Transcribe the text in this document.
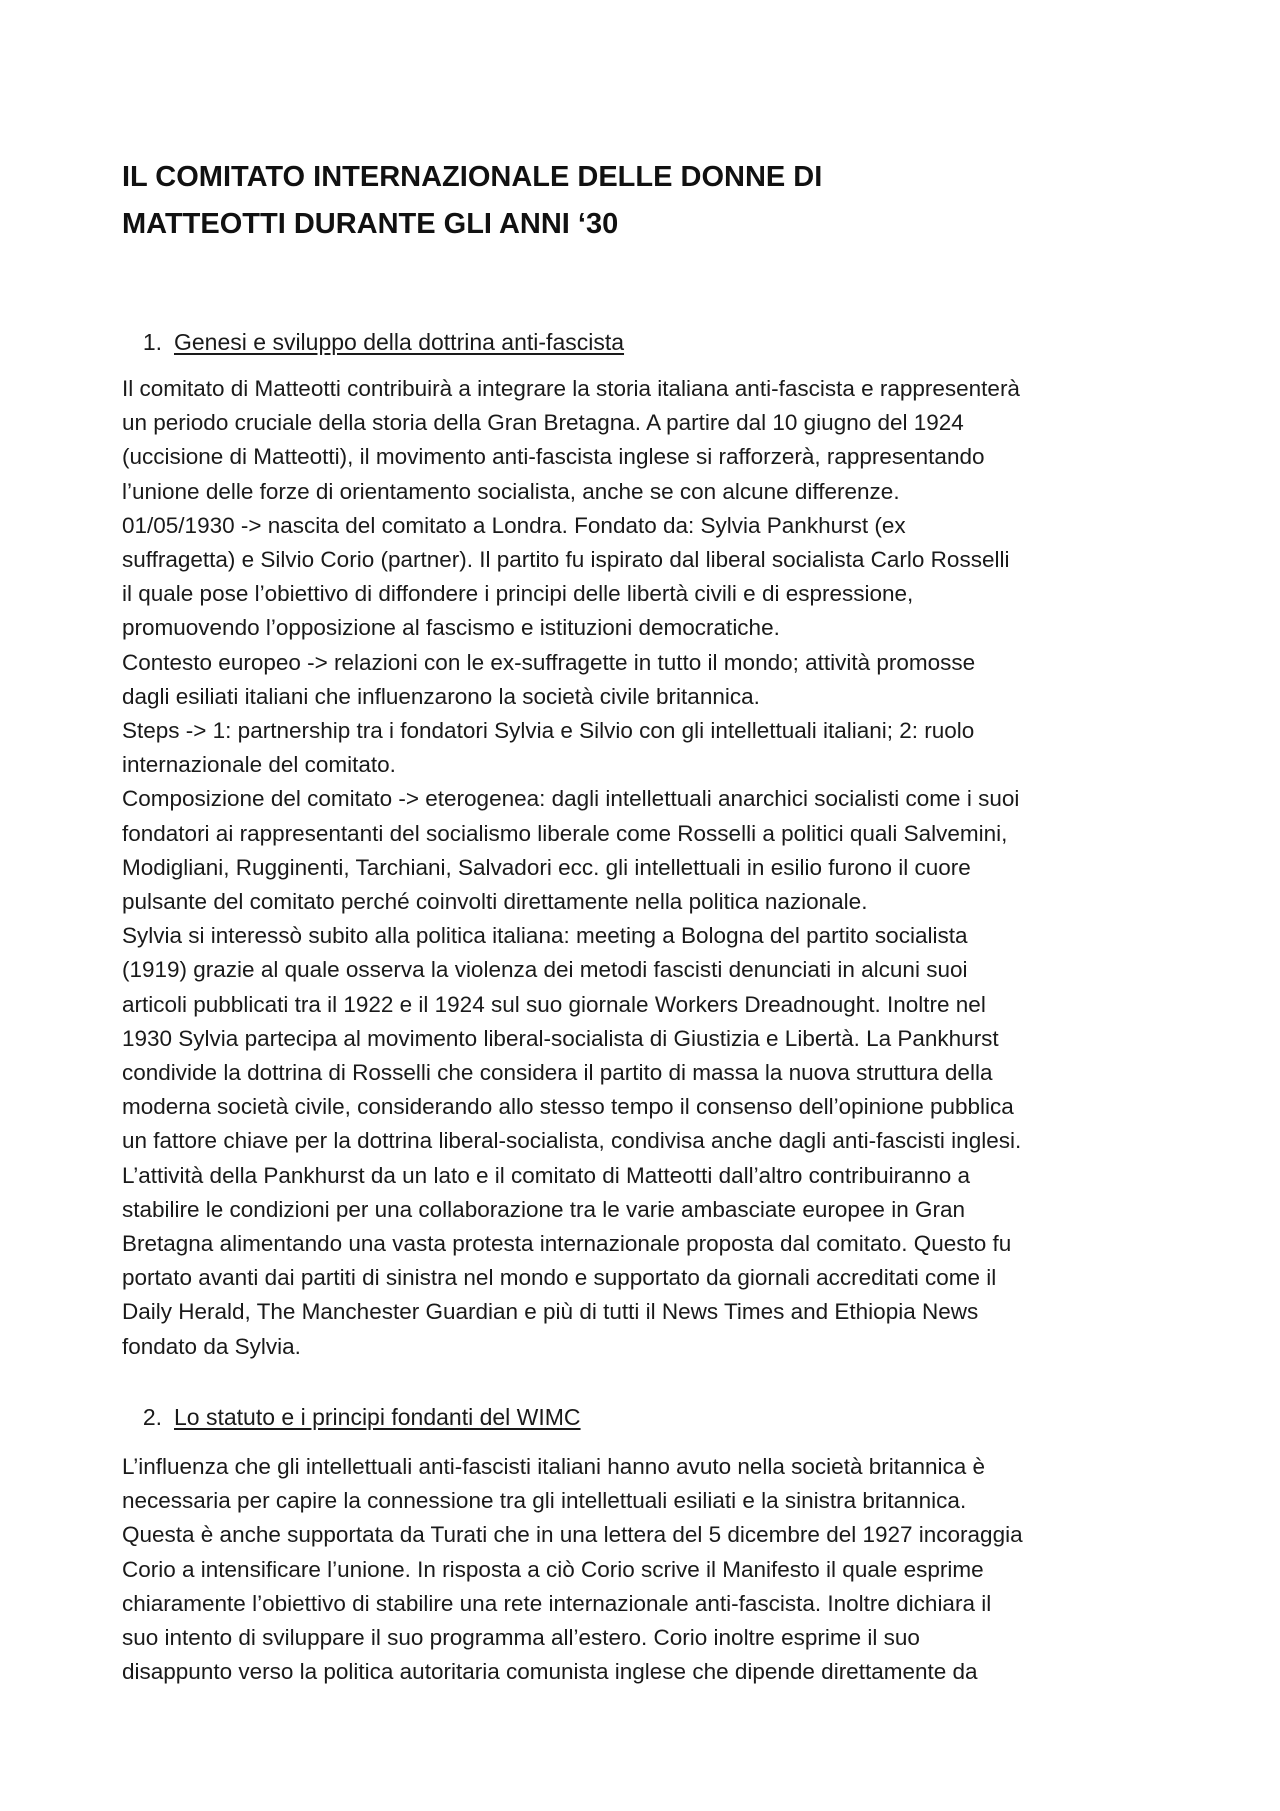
IL COMITATO INTERNAZIONALE DELLE DONNE DI
MATTEOTTI DURANTE GLI ANNI ‘30
1. Genesi e sviluppo della dottrina anti-fascista
Il comitato di Matteotti contribuirà a integrare la storia italiana anti-fascista e rappresenterà
un periodo cruciale della storia della Gran Bretagna. A partire dal 10 giugno del 1924
(uccisione di Matteotti), il movimento anti-fascista inglese si rafforzerà, rappresentando
l’unione delle forze di orientamento socialista, anche se con alcune differenze.
01/05/1930 -> nascita del comitato a Londra. Fondato da: Sylvia Pankhurst (ex
suffragetta) e Silvio Corio (partner). Il partito fu ispirato dal liberal socialista Carlo Rosselli
il quale pose l’obiettivo di diffondere i principi delle libertà civili e di espressione,
promuovendo l’opposizione al fascismo e istituzioni democratiche.
Contesto europeo -> relazioni con le ex-suffragette in tutto il mondo; attività promosse
dagli esiliati italiani che influenzarono la società civile britannica.
Steps -> 1: partnership tra i fondatori Sylvia e Silvio con gli intellettuali italiani; 2: ruolo
internazionale del comitato.
Composizione del comitato -> eterogenea: dagli intellettuali anarchici socialisti come i suoi
fondatori ai rappresentanti del socialismo liberale come Rosselli a politici quali Salvemini,
Modigliani, Rugginenti, Tarchiani, Salvadori ecc. gli intellettuali in esilio furono il cuore
pulsante del comitato perché coinvolti direttamente nella politica nazionale.
Sylvia si interessò subito alla politica italiana: meeting a Bologna del partito socialista
(1919) grazie al quale osserva la violenza dei metodi fascisti denunciati in alcuni suoi
articoli pubblicati tra il 1922 e il 1924 sul suo giornale Workers Dreadnought. Inoltre nel
1930 Sylvia partecipa al movimento liberal-socialista di Giustizia e Libertà. La Pankhurst
condivide la dottrina di Rosselli che considera il partito di massa la nuova struttura della
moderna società civile, considerando allo stesso tempo il consenso dell’opinione pubblica
un fattore chiave per la dottrina liberal-socialista, condivisa anche dagli anti-fascisti inglesi.
L’attività della Pankhurst da un lato e il comitato di Matteotti dall’altro contribuiranno a
stabilire le condizioni per una collaborazione tra le varie ambasciate europee in Gran
Bretagna alimentando una vasta protesta internazionale proposta dal comitato. Questo fu
portato avanti dai partiti di sinistra nel mondo e supportato da giornali accreditati come il
Daily Herald, The Manchester Guardian e più di tutti il News Times and Ethiopia News
fondato da Sylvia.
2. Lo statuto e i principi fondanti del WIMC
L’influenza che gli intellettuali anti-fascisti italiani hanno avuto nella società britannica è
necessaria per capire la connessione tra gli intellettuali esiliati e la sinistra britannica.
Questa è anche supportata da Turati che in una lettera del 5 dicembre del 1927 incoraggia
Corio a intensificare l’unione. In risposta a ciò Corio scrive il Manifesto il quale esprime
chiaramente l’obiettivo di stabilire una rete internazionale anti-fascista. Inoltre dichiara il
suo intento di sviluppare il suo programma all’estero. Corio inoltre esprime il suo
disappunto verso la politica autoritaria comunista inglese che dipende direttamente da
